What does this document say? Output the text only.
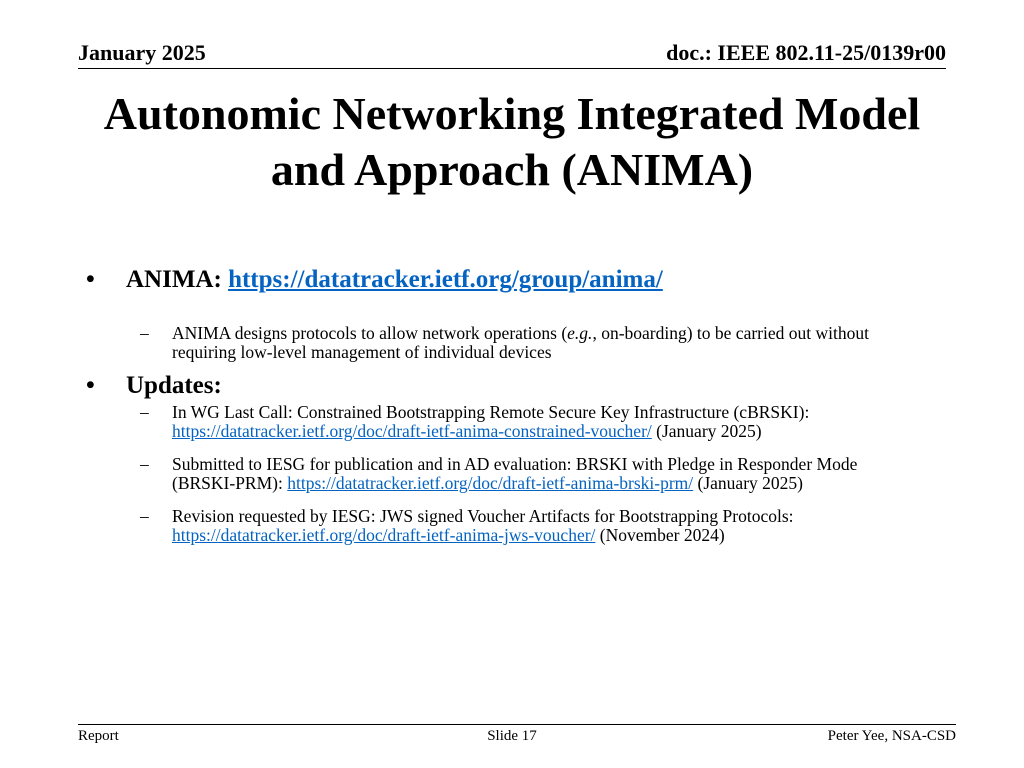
January 2025	doc.: IEEE 802.11-25/0139r00
Autonomic Networking Integrated Model
and Approach (ANIMA)
•	ANIMA: https://datatracker.ietf.org/group/anima/
–	ANIMA designs protocols to allow network operations (e.g., on-boarding) to be carried out without requiring low-level management of individual devices
•	Updates:
–	In WG Last Call: Constrained Bootstrapping Remote Secure Key Infrastructure (cBRSKI): https://datatracker.ietf.org/doc/draft-ietf-anima-constrained-voucher/ (January 2025)
–	Submitted to IESG for publication and in AD evaluation: BRSKI with Pledge in Responder Mode (BRSKI-PRM): https://datatracker.ietf.org/doc/draft-ietf-anima-brski-prm/ (January 2025)
–	Revision requested by IESG: JWS signed Voucher Artifacts for Bootstrapping Protocols: https://datatracker.ietf.org/doc/draft-ietf-anima-jws-voucher/ (November 2024)
Report	Slide 17	Peter Yee, NSA-CSD
